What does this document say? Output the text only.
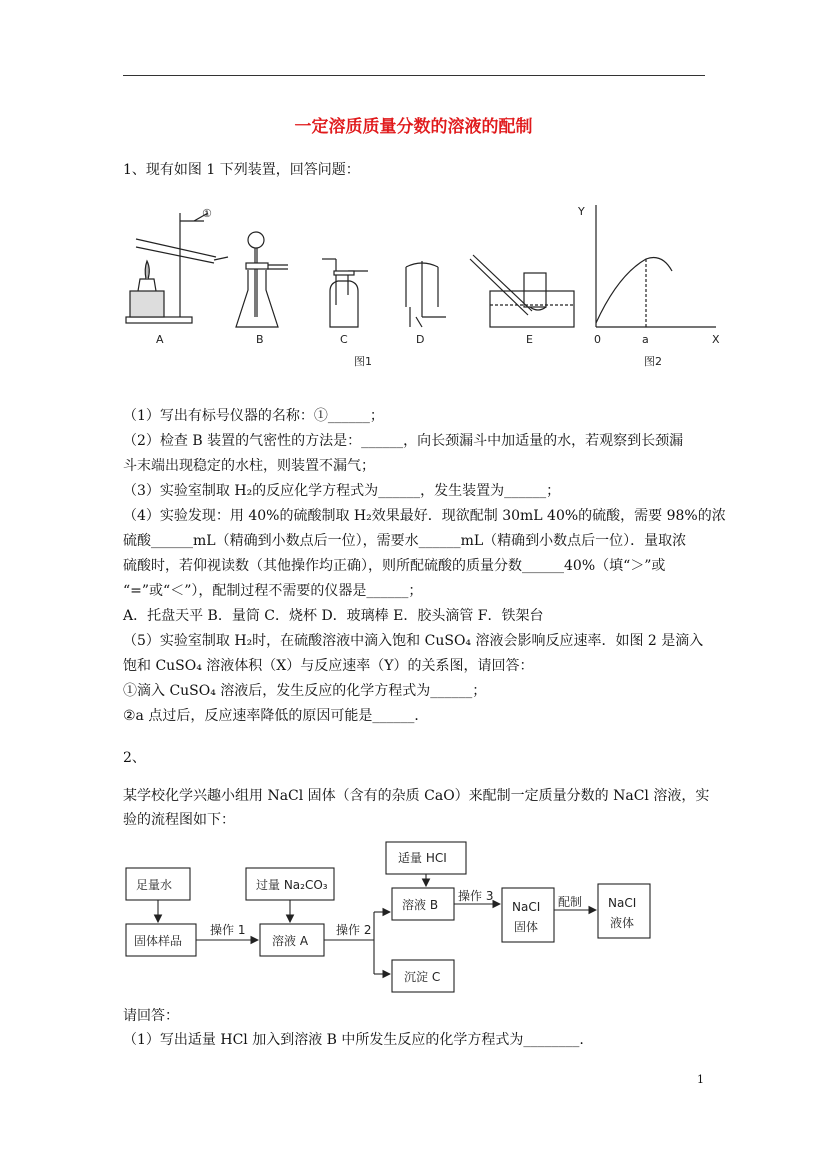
一定溶质质量分数的溶液的配制
1、现有如图 1 下列装置，回答问题：
①
A	B	C	D	E
图1	图2
Y
X
0	a
（1）写出有标号仪器的名称：①______；
（2）检查 B 装置的气密性的方法是：______，向长颈漏斗中加适量的水，若观察到长颈漏
斗末端出现稳定的水柱，则装置不漏气；
（3）实验室制取 H₂的反应化学方程式为______，发生装置为______；
（4）实验发现：用 40%的硫酸制取 H₂效果最好．现欲配制 30mL 40%的硫酸，需要 98%的浓
硫酸______mL（精确到小数点后一位），需要水______mL（精确到小数点后一位）．量取浓
硫酸时，若仰视读数（其他操作均正确），则所配硫酸的质量分数______40%（填“＞”或
“=”或“＜”），配制过程不需要的仪器是______；
A．托盘天平 B．量筒 C．烧杯 D．玻璃棒 E．胶头滴管 F．铁架台
（5）实验室制取 H₂时，在硫酸溶液中滴入饱和 CuSO₄ 溶液会影响反应速率．如图 2 是滴入
饱和 CuSO₄ 溶液体积（X）与反应速率（Y）的关系图，请回答：
①滴入 CuSO₄ 溶液后，发生反应的化学方程式为______；
②a 点过后，反应速率降低的原因可能是______．
2、
某学校化学兴趣小组用 NaCl 固体（含有的杂质 CaO）来配制一定质量分数的 NaCl 溶液，实
验的流程图如下：
足量水
固体样品
操作 1
过量 Na₂CO₃
溶液 A
操作 2
适量 HCI
溶液 B
操作 3
沉淀 C
NaCI
固体
配制 NaCI
液体
请回答：
（1）写出适量 HCl 加入到溶液 B 中所发生反应的化学方程式为________.
1
